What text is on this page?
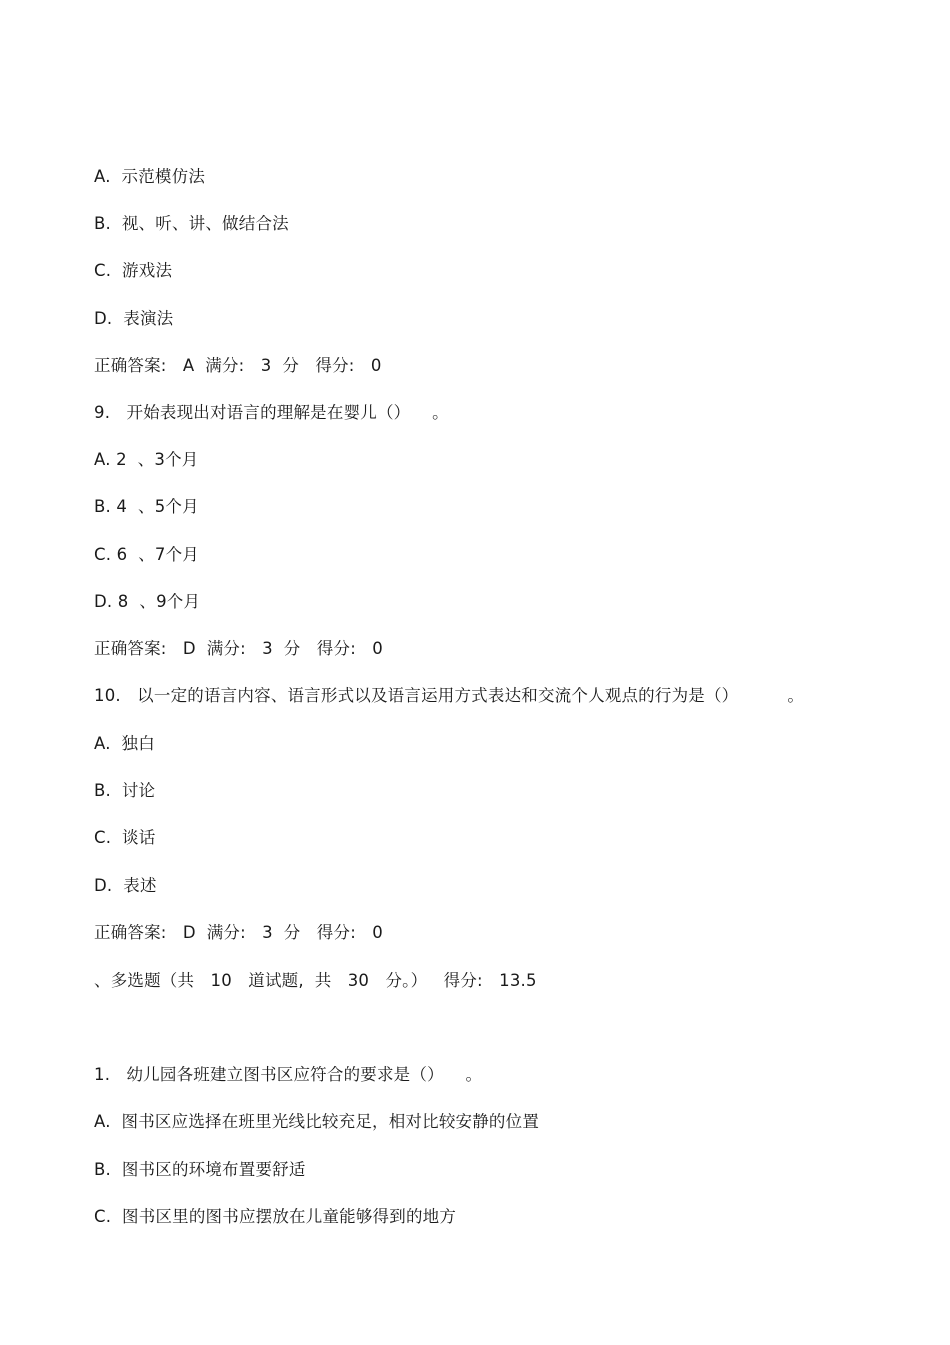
A.  示范模仿法
B.  视、听、讲、做结合法
C.  游戏法
D.  表演法
正确答案:   A  满分:   3  分   得分:   0
9.   开始表现出对语言的理解是在婴儿（）    。
A. 2  、3个月
B. 4  、5个月
C. 6  、7个月
D. 8  、9个月
正确答案:   D  满分:   3  分   得分:   0
10.   以一定的语言内容、语言形式以及语言运用方式表达和交流个人观点的行为是（）         。
A.  独白
B.  讨论
C.  谈话
D.  表述
正确答案:   D  满分:   3  分   得分:   0
、多选题（共   10   道试题,  共   30   分。）   得分:   13.5
1.   幼儿园各班建立图书区应符合的要求是（）    。
A.  图书区应选择在班里光线比较充足，相对比较安静的位置
B.  图书区的环境布置要舒适
C.  图书区里的图书应摆放在儿童能够得到的地方
